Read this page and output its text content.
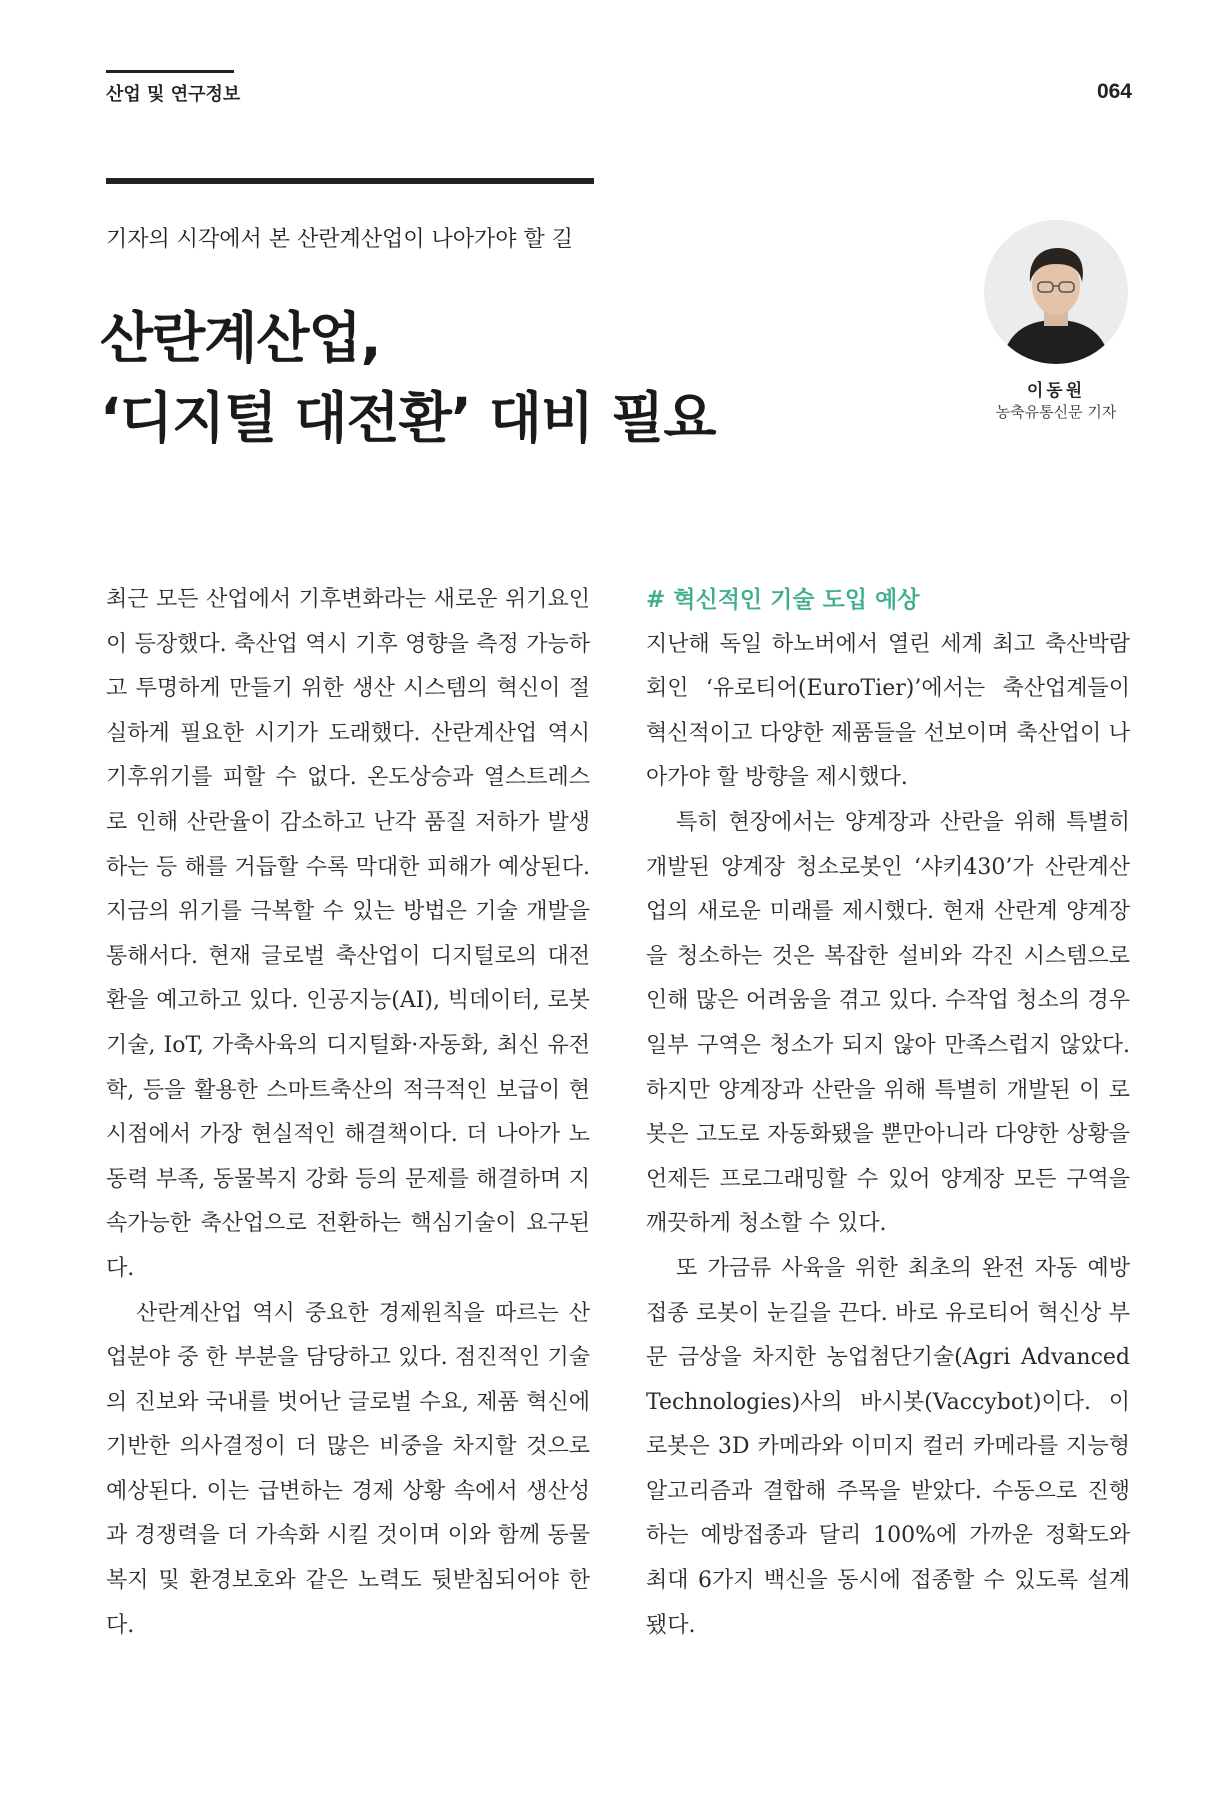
산업 및 연구정보	064
기자의 시각에서 본 산란계산업이 나아가야 할 길
산란계산업,
‘디지털 대전환’ 대비 필요	이동원
농축유통신문 기자

최근 모든 산업에서 기후변화라는 새로운 위기요인이 등장했다. 축산업 역시 기후 영향을 측정 가능하고 투명하게 만들기 위한 생산 시스템의 혁신이 절실하게 필요한 시기가 도래했다. 산란계산업 역시 기후위기를 피할 수 없다. 온도상승과 열스트레스로 인해 산란율이 감소하고 난각 품질 저하가 발생하는 등 해를 거듭할 수록 막대한 피해가 예상된다. 지금의 위기를 극복할 수 있는 방법은 기술 개발을 통해서다. 현재 글로벌 축산업이 디지털로의 대전환을 예고하고 있다. 인공지능(AI), 빅데이터, 로봇기술, IoT, 가축사육의 디지털화·자동화, 최신 유전학, 등을 활용한 스마트축산의 적극적인 보급이 현 시점에서 가장 현실적인 해결책이다. 더 나아가 노동력 부족, 동물복지 강화 등의 문제를 해결하며 지속가능한 축산업으로 전환하는 핵심기술이 요구된다.

산란계산업 역시 중요한 경제원칙을 따르는 산업분야 중 한 부분을 담당하고 있다. 점진적인 기술의 진보와 국내를 벗어난 글로벌 수요, 제품 혁신에 기반한 의사결정이 더 많은 비중을 차지할 것으로 예상된다. 이는 급변하는 경제 상황 속에서 생산성과 경쟁력을 더 가속화 시킬 것이며 이와 함께 동물복지 및 환경보호와 같은 노력도 뒷받침되어야 한다.

# 혁신적인 기술 도입 예상

지난해 독일 하노버에서 열린 세계 최고 축산박람회인 ‘유로티어(EuroTier)’에서는 축산업계들이 혁신적이고 다양한 제품들을 선보이며 축산업이 나아가야 할 방향을 제시했다.

특히 현장에서는 양계장과 산란을 위해 특별히 개발된 양계장 청소로봇인 ‘샤키430’가 산란계산업의 새로운 미래를 제시했다. 현재 산란계 양계장을 청소하는 것은 복잡한 설비와 각진 시스템으로 인해 많은 어려움을 겪고 있다. 수작업 청소의 경우 일부 구역은 청소가 되지 않아 만족스럽지 않았다. 하지만 양계장과 산란을 위해 특별히 개발된 이 로봇은 고도로 자동화됐을 뿐만아니라 다양한 상황을 언제든 프로그래밍할 수 있어 양계장 모든 구역을 깨끗하게 청소할 수 있다.

또 가금류 사육을 위한 최초의 완전 자동 예방 접종 로봇이 눈길을 끈다. 바로 유로티어 혁신상 부문 금상을 차지한 농업첨단기술(Agri Advanced Technologies)사의 바시봇(Vaccybot)이다. 이 로봇은 3D 카메라와 이미지 컬러 카메라를 지능형 알고리즘과 결합해 주목을 받았다. 수동으로 진행하는 예방접종과 달리 100%에 가까운 정확도와 최대 6가지 백신을 동시에 접종할 수 있도록 설계됐다.
